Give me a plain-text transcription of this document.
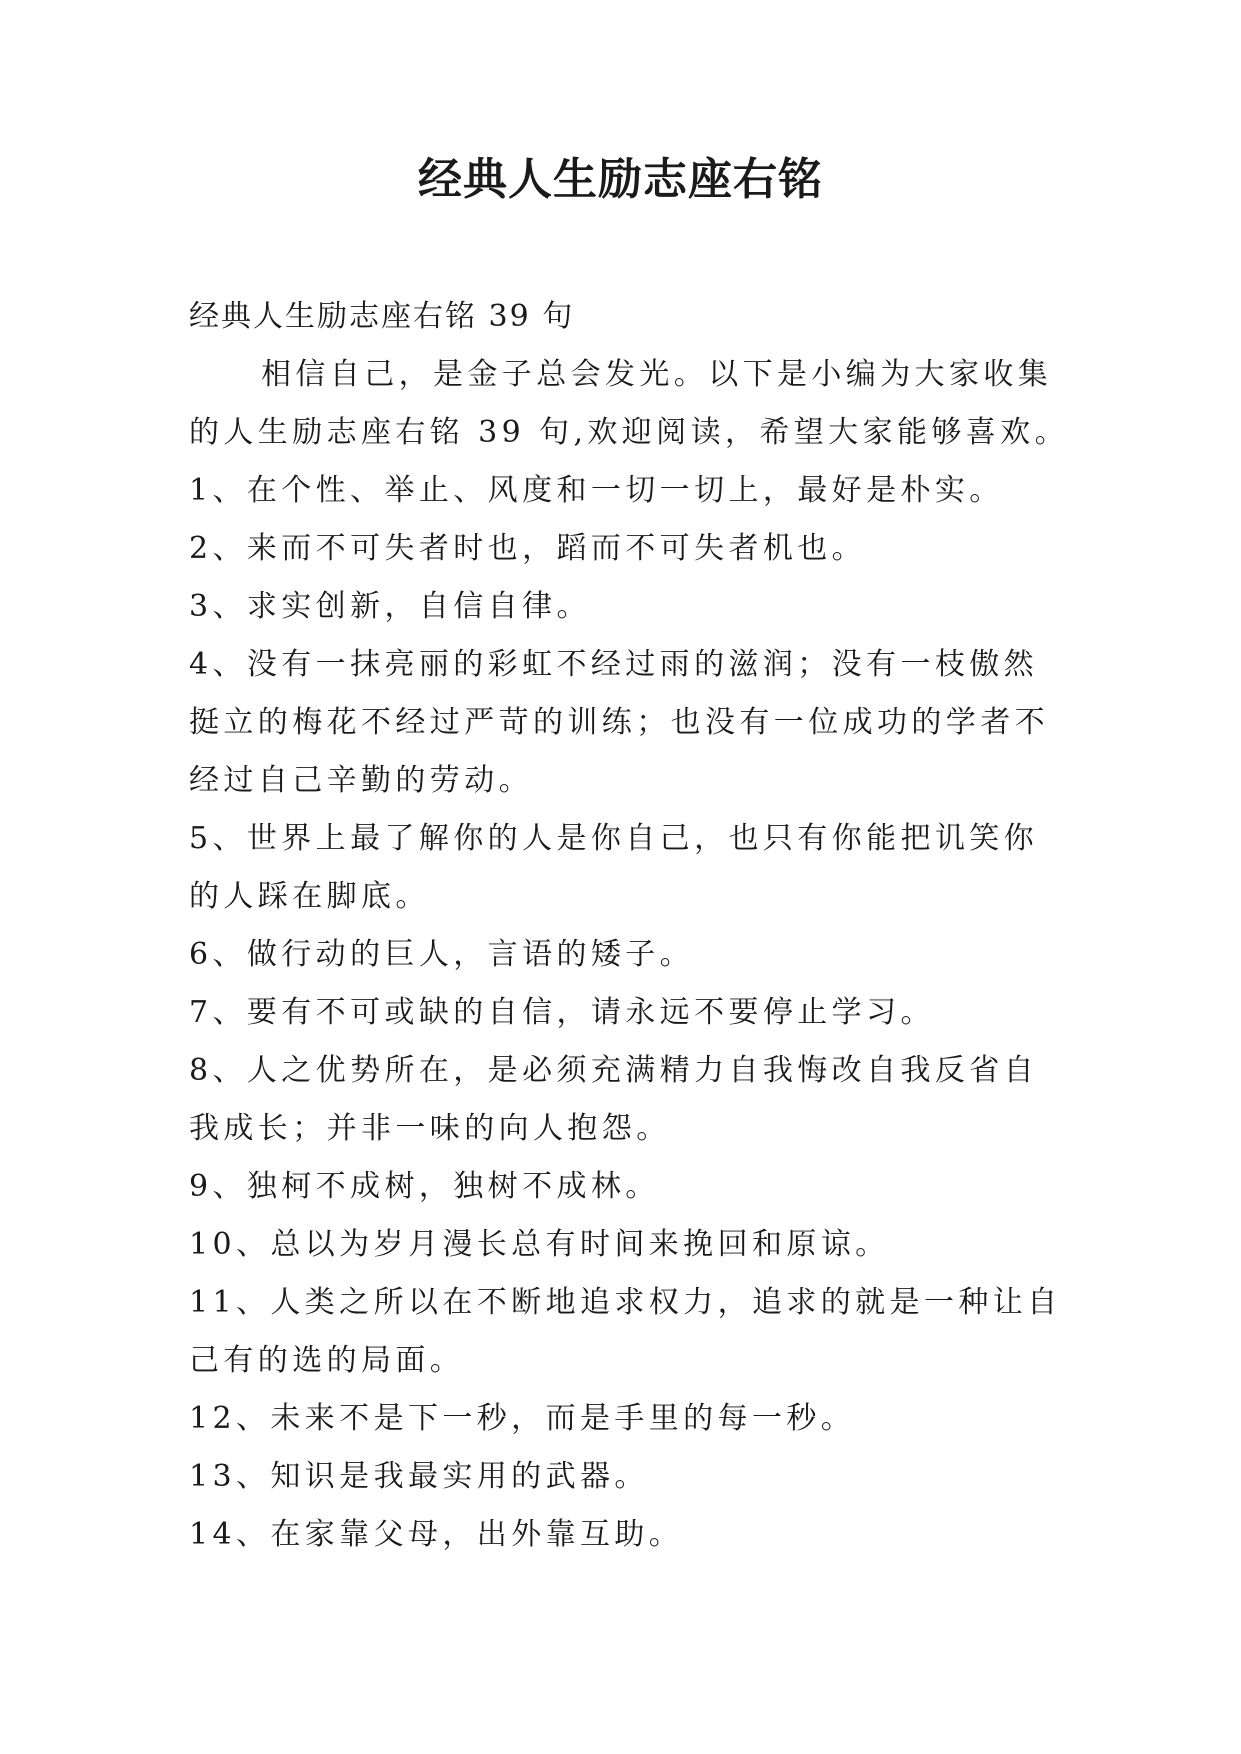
经典人生励志座右铭

经典人生励志座右铭 39 句

相信自己，是金子总会发光。以下是小编为大家收集的人生励志座右铭 39 句,欢迎阅读，希望大家能够喜欢。

1、在个性、举止、风度和一切一切上，最好是朴实。

2、来而不可失者时也，蹈而不可失者机也。

3、求实创新，自信自律。

4、没有一抹亮丽的彩虹不经过雨的滋润；没有一枝傲然挺立的梅花不经过严苛的训练；也没有一位成功的学者不经过自己辛勤的劳动。

5、世界上最了解你的人是你自己，也只有你能把讥笑你的人踩在脚底。

6、做行动的巨人，言语的矮子。

7、要有不可或缺的自信，请永远不要停止学习。

8、人之优势所在，是必须充满精力自我悔改自我反省自我成长；并非一味的向人抱怨。

9、独柯不成树，独树不成林。

10、总以为岁月漫长总有时间来挽回和原谅。

11、人类之所以在不断地追求权力，追求的就是一种让自己有的选的局面。

12、未来不是下一秒，而是手里的每一秒。

13、知识是我最实用的武器。

14、在家靠父母，出外靠互助。
